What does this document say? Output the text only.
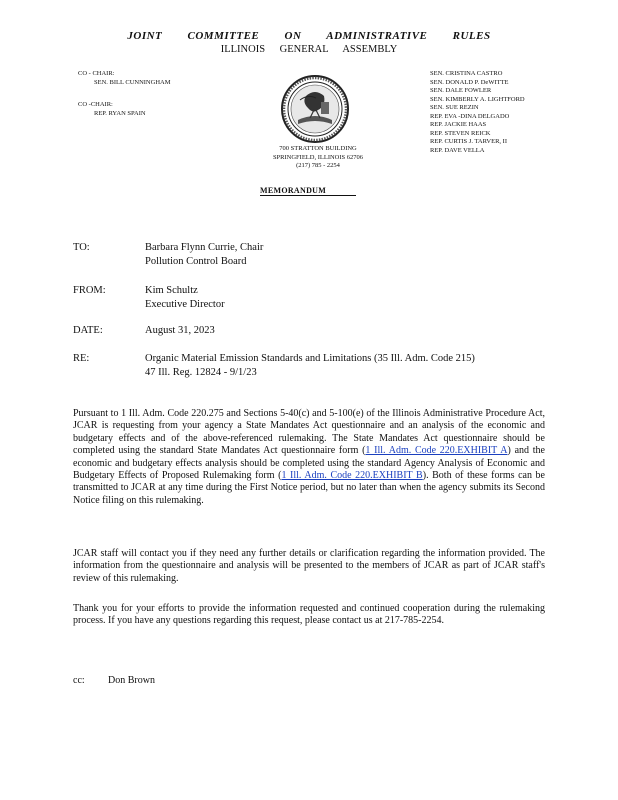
JOINT COMMITTEE ON ADMINISTRATIVE RULES
ILLINOIS GENERAL ASSEMBLY
CO - CHAIR:
SEN. BILL CUNNINGHAM
CO -CHAIR:
REP. RYAN SPAIN
SEN. CRISTINA CASTRO
SEN. DONALD P. DeWITTE
SEN. DALE FOWLER
SEN. KIMBERLY A. LIGHTFORD
SEN. SUE REZIN
REP. EVA -DINA DELGADO
REP. JACKIE HAAS
REP. STEVEN REICK
REP. CURTIS J. TARVER, II
REP. DAVE VELLA
700 STRATTON BUILDING
SPRINGFIELD, ILLINOIS 62706
(217) 785 - 2254
MEMORANDUM
TO:	Barbara Flynn Currie, Chair
Pollution Control Board
FROM:	Kim Schultz
Executive Director
DATE:	August 31, 2023
RE:	Organic Material Emission Standards and Limitations (35 Ill. Adm. Code 215)
47 Ill. Reg. 12824 - 9/1/23
Pursuant to 1 Ill. Adm. Code 220.275 and Sections 5-40(c) and 5-100(e) of the Illinois Administrative Procedure Act, JCAR is requesting from your agency a State Mandates Act questionnaire and an analysis of the economic and budgetary effects and of the above-referenced rulemaking. The State Mandates Act questionnaire should be completed using the standard State Mandates Act questionnaire form (1 Ill. Adm. Code 220.EXHIBIT A) and the economic and budgetary effects analysis should be completed using the standard Agency Analysis of Economic and Budgetary Effects of Proposed Rulemaking form (1 Ill. Adm. Code 220.EXHIBIT B). Both of these forms can be transmitted to JCAR at any time during the First Notice period, but no later than when the agency submits its Second Notice filing on this rulemaking.
JCAR staff will contact you if they need any further details or clarification regarding the information provided. The information from the questionnaire and analysis will be presented to the members of JCAR as part of JCAR staff's review of this rulemaking.
Thank you for your efforts to provide the information requested and continued cooperation during the rulemaking process. If you have any questions regarding this request, please contact us at 217-785-2254.
cc: Don Brown
